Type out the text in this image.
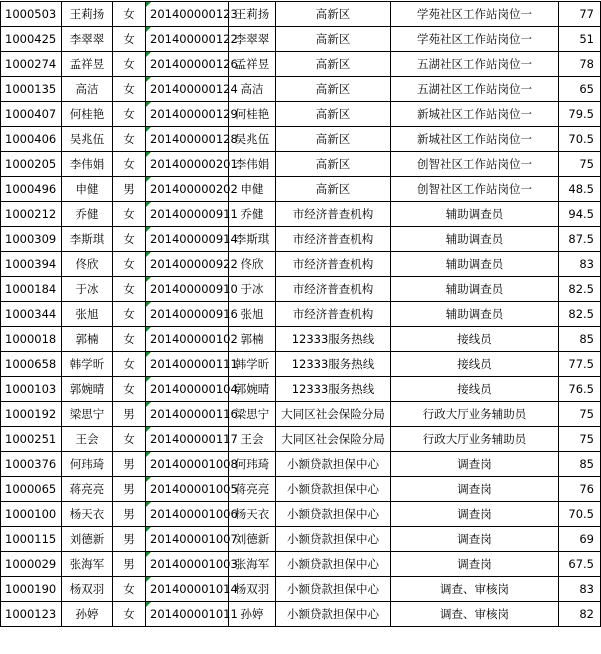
1000503	王莉扬	女	201400000123	王莉扬	高新区	学苑社区工作站岗位一	77
1000425	李翠翠	女	201400000122	李翠翠	高新区	学苑社区工作站岗位一	51
1000274	孟祥昱	女	201400000126	孟祥昱	高新区	五湖社区工作站岗位一	78
1000135	高洁	女	201400000124	高洁	高新区	五湖社区工作站岗位一	65
1000407	何桂艳	女	201400000129	何桂艳	高新区	新城社区工作站岗位一	79.5
1000406	吴兆伍	女	201400000128	吴兆伍	高新区	新城社区工作站岗位一	70.5
1000205	李伟娟	女	201400000201	李伟娟	高新区	创智社区工作站岗位一	75
1000496	申健	男	201400000202	申健	高新区	创智社区工作站岗位一	48.5
1000212	乔健	女	201400000911	乔健	市经济普查机构	辅助调查员	94.5
1000309	李斯琪	女	201400000914	李斯琪	市经济普查机构	辅助调查员	87.5
1000394	佟欣	女	201400000922	佟欣	市经济普查机构	辅助调查员	83
1000184	于冰	女	201400000910	于冰	市经济普查机构	辅助调查员	82.5
1000344	张旭	女	201400000916	张旭	市经济普查机构	辅助调查员	82.5
1000018	郭楠	女	201400000102	郭楠	12333服务热线	接线员	85
1000658	韩学昕	女	201400000111	韩学昕	12333服务热线	接线员	77.5
1000103	郭婉晴	女	201400000104	郭婉晴	12333服务热线	接线员	76.5
1000192	梁思宁	男	201400000116	梁思宁	大同区社会保险分局	行政大厅业务辅助员	75
1000251	王会	女	201400000117	王会	大同区社会保险分局	行政大厅业务辅助员	75
1000376	何玮琦	男	201400001008	何玮琦	小额贷款担保中心	调查岗	85
1000065	蒋亮亮	男	201400001005	蒋亮亮	小额贷款担保中心	调查岗	76
1000100	杨天衣	男	201400001006	杨天衣	小额贷款担保中心	调查岗	70.5
1000115	刘德新	男	201400001007	刘德新	小额贷款担保中心	调查岗	69
1000029	张海军	男	201400001003	张海军	小额贷款担保中心	调查岗	67.5
1000190	杨双羽	女	201400001014	杨双羽	小额贷款担保中心	调查、审核岗	83
1000123	孙婷	女	201400001011	孙婷	小额贷款担保中心	调查、审核岗	82
